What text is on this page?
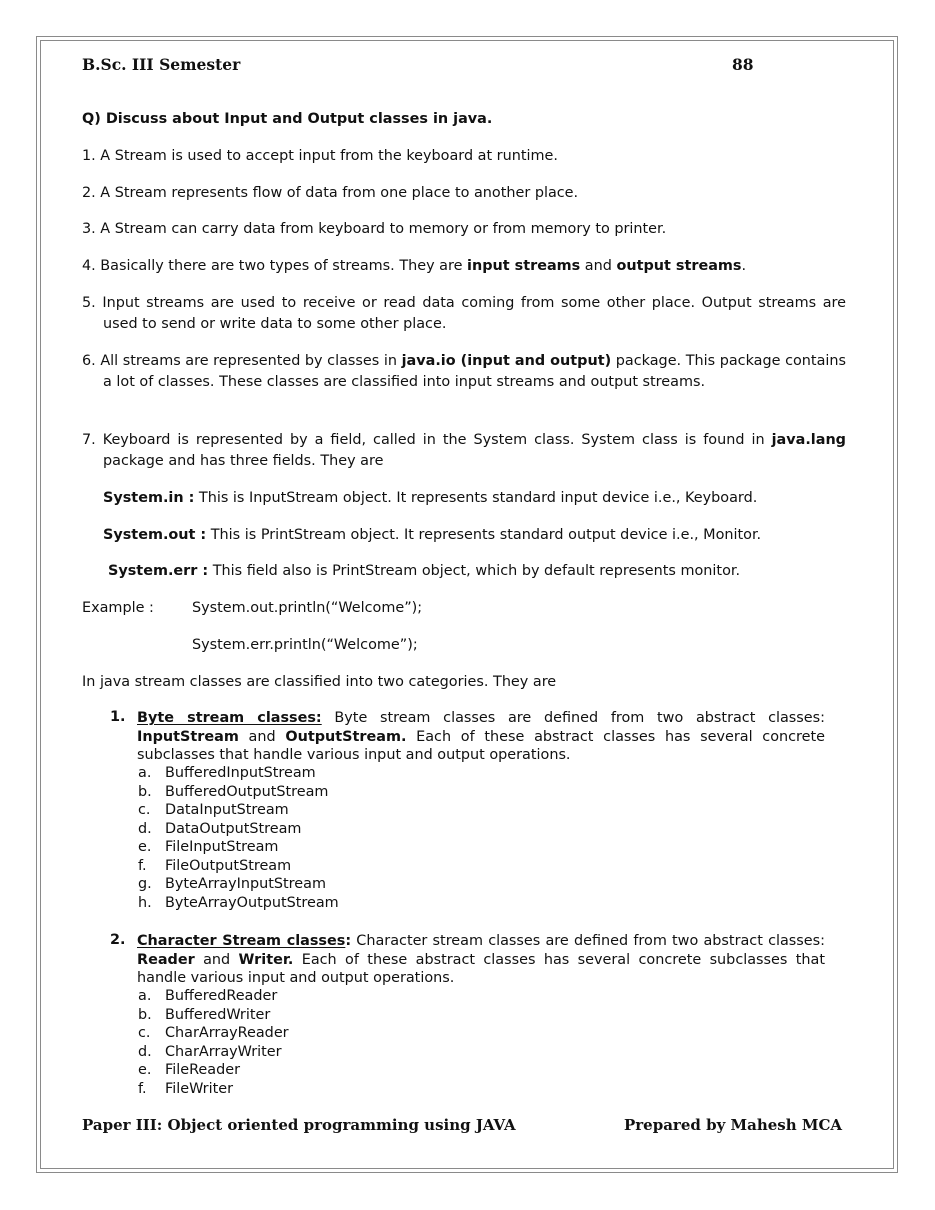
B.Sc. III Semester	88
Q) Discuss about Input and Output classes in java.
1. A Stream is used to accept input from the keyboard at runtime.
2. A Stream represents flow of data from one place to another place.
3. A Stream can carry data from keyboard to memory or from memory to printer.
4. Basically there are two types of streams. They are input streams and output streams.
5. Input streams are used to receive or read data coming from some other place. Output streams are used to send or write data to some other place.
6. All streams are represented by classes in java.io (input and output) package. This package contains a lot of classes. These classes are classified into input streams and output streams.
7. Keyboard is represented by a field, called in the System class. System class is found in java.lang package and has three fields. They are
System.in : This is InputStream object. It represents standard input device i.e., Keyboard.
System.out : This is PrintStream object. It represents standard output device i.e., Monitor.
System.err : This field also is PrintStream object, which by default represents monitor.
Example :	System.out.println(“Welcome”);
System.err.println(“Welcome”);
In java stream classes are classified into two categories. They are
1. Byte stream classes: Byte stream classes are defined from two abstract classes: InputStream and OutputStream. Each of these abstract classes has several concrete subclasses that handle various input and output operations.
a. BufferedInputStream
b. BufferedOutputStream
c. DataInputStream
d. DataOutputStream
e. FileInputStream
f. FileOutputStream
g. ByteArrayInputStream
h. ByteArrayOutputStream
2. Character Stream classes: Character stream classes are defined from two abstract classes: Reader and Writer. Each of these abstract classes has several concrete subclasses that handle various input and output operations.
a. BufferedReader
b. BufferedWriter
c. CharArrayReader
d. CharArrayWriter
e. FileReader
f. FileWriter
Paper III: Object oriented programming using JAVA	Prepared by Mahesh MCA
